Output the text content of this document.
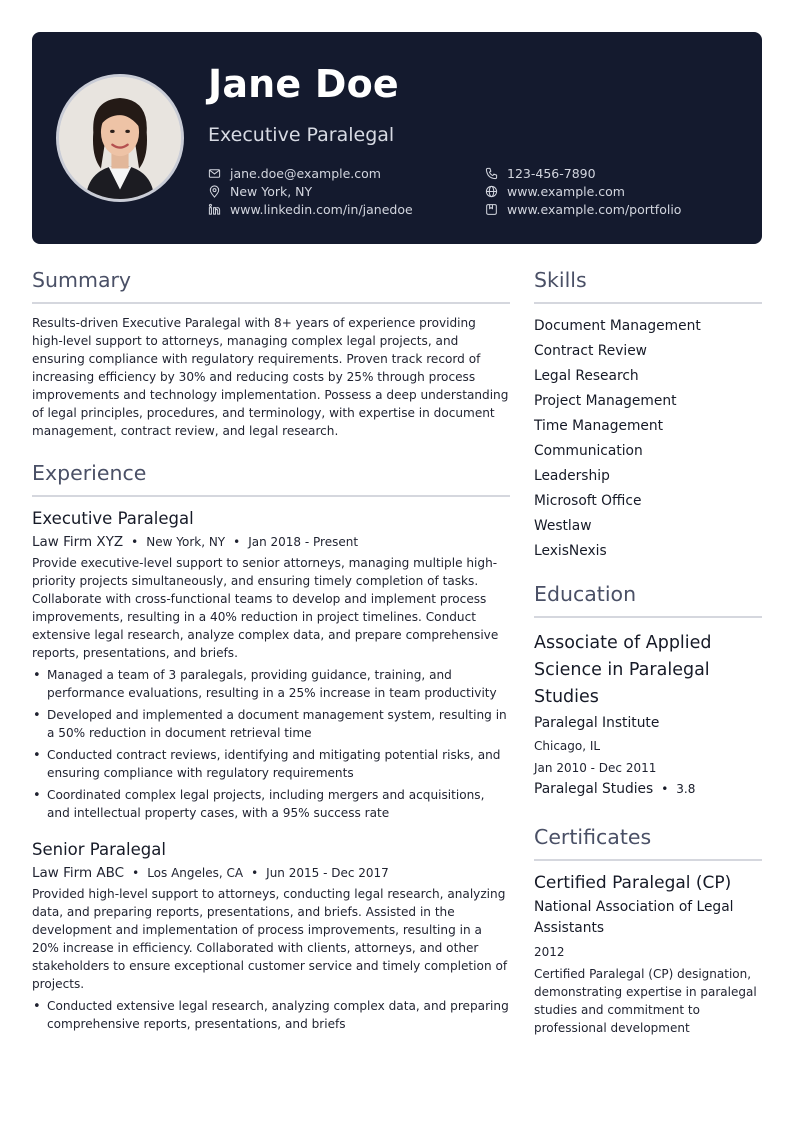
Jane Doe
Executive Paralegal
jane.doe@example.com
New York, NY
www.linkedin.com/in/janedoe
123-456-7890
www.example.com
www.example.com/portfolio
Summary
Results-driven Executive Paralegal with 8+ years of experience providing high-level support to attorneys, managing complex legal projects, and ensuring compliance with regulatory requirements. Proven track record of increasing efficiency by 30% and reducing costs by 25% through process improvements and technology implementation. Possess a deep understanding of legal principles, procedures, and terminology, with expertise in document management, contract review, and legal research.
Experience
Executive Paralegal
Law Firm XYZ • New York, NY • Jan 2018 - Present
Provide executive-level support to senior attorneys, managing multiple high-priority projects simultaneously, and ensuring timely completion of tasks. Collaborate with cross-functional teams to develop and implement process improvements, resulting in a 40% reduction in project timelines. Conduct extensive legal research, analyze complex data, and prepare comprehensive reports, presentations, and briefs.
• Managed a team of 3 paralegals, providing guidance, training, and performance evaluations, resulting in a 25% increase in team productivity
• Developed and implemented a document management system, resulting in a 50% reduction in document retrieval time
• Conducted contract reviews, identifying and mitigating potential risks, and ensuring compliance with regulatory requirements
• Coordinated complex legal projects, including mergers and acquisitions, and intellectual property cases, with a 95% success rate
Senior Paralegal
Law Firm ABC • Los Angeles, CA • Jun 2015 - Dec 2017
Provided high-level support to attorneys, conducting legal research, analyzing data, and preparing reports, presentations, and briefs. Assisted in the development and implementation of process improvements, resulting in a 20% increase in efficiency. Collaborated with clients, attorneys, and other stakeholders to ensure exceptional customer service and timely completion of projects.
• Conducted extensive legal research, analyzing complex data, and preparing comprehensive reports, presentations, and briefs
Skills
Document Management
Contract Review
Legal Research
Project Management
Time Management
Communication
Leadership
Microsoft Office
Westlaw
LexisNexis
Education
Associate of Applied Science in Paralegal Studies
Paralegal Institute
Chicago, IL
Jan 2010 - Dec 2011
Paralegal Studies • 3.8
Certificates
Certified Paralegal (CP)
National Association of Legal Assistants
2012
Certified Paralegal (CP) designation, demonstrating expertise in paralegal studies and commitment to professional development
